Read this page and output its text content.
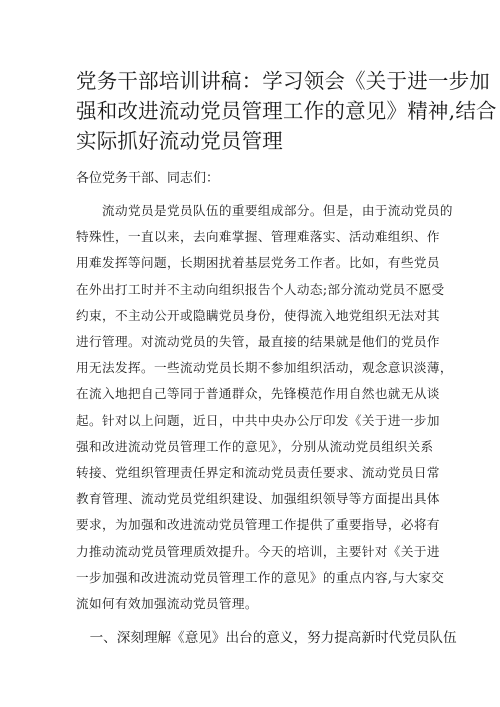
党务干部培训讲稿：学习领会《关于进一步加
强和改进流动党员管理工作的意见》精神,结合
实际抓好流动党员管理
各位党务干部、同志们：
　　流动党员是党员队伍的重要组成部分。但是，由于流动党员的
特殊性，一直以来，去向难掌握、管理难落实、活动难组织、作
用难发挥等问题，长期困扰着基层党务工作者。比如，有些党员
在外出打工时并不主动向组织报告个人动态;部分流动党员不愿受
约束，不主动公开或隐瞒党员身份，使得流入地党组织无法对其
进行管理。对流动党员的失管，最直接的结果就是他们的党员作
用无法发挥。一些流动党员长期不参加组织活动，观念意识淡薄，
在流入地把自己等同于普通群众，先锋模范作用自然也就无从谈
起。针对以上问题，近日，中共中央办公厅印发《关于进一步加
强和改进流动党员管理工作的意见》，分别从流动党员组织关系
转接、党组织管理责任界定和流动党员责任要求、流动党员日常
教育管理、流动党员党组织建设、加强组织领导等方面提出具体
要求，为加强和改进流动党员管理工作提供了重要指导，必将有
力推动流动党员管理质效提升。今天的培训，主要针对《关于进
一步加强和改进流动党员管理工作的意见》的重点内容,与大家交
流如何有效加强流动党员管理。
　一、深刻理解《意见》出台的意义，努力提高新时代党员队伍
